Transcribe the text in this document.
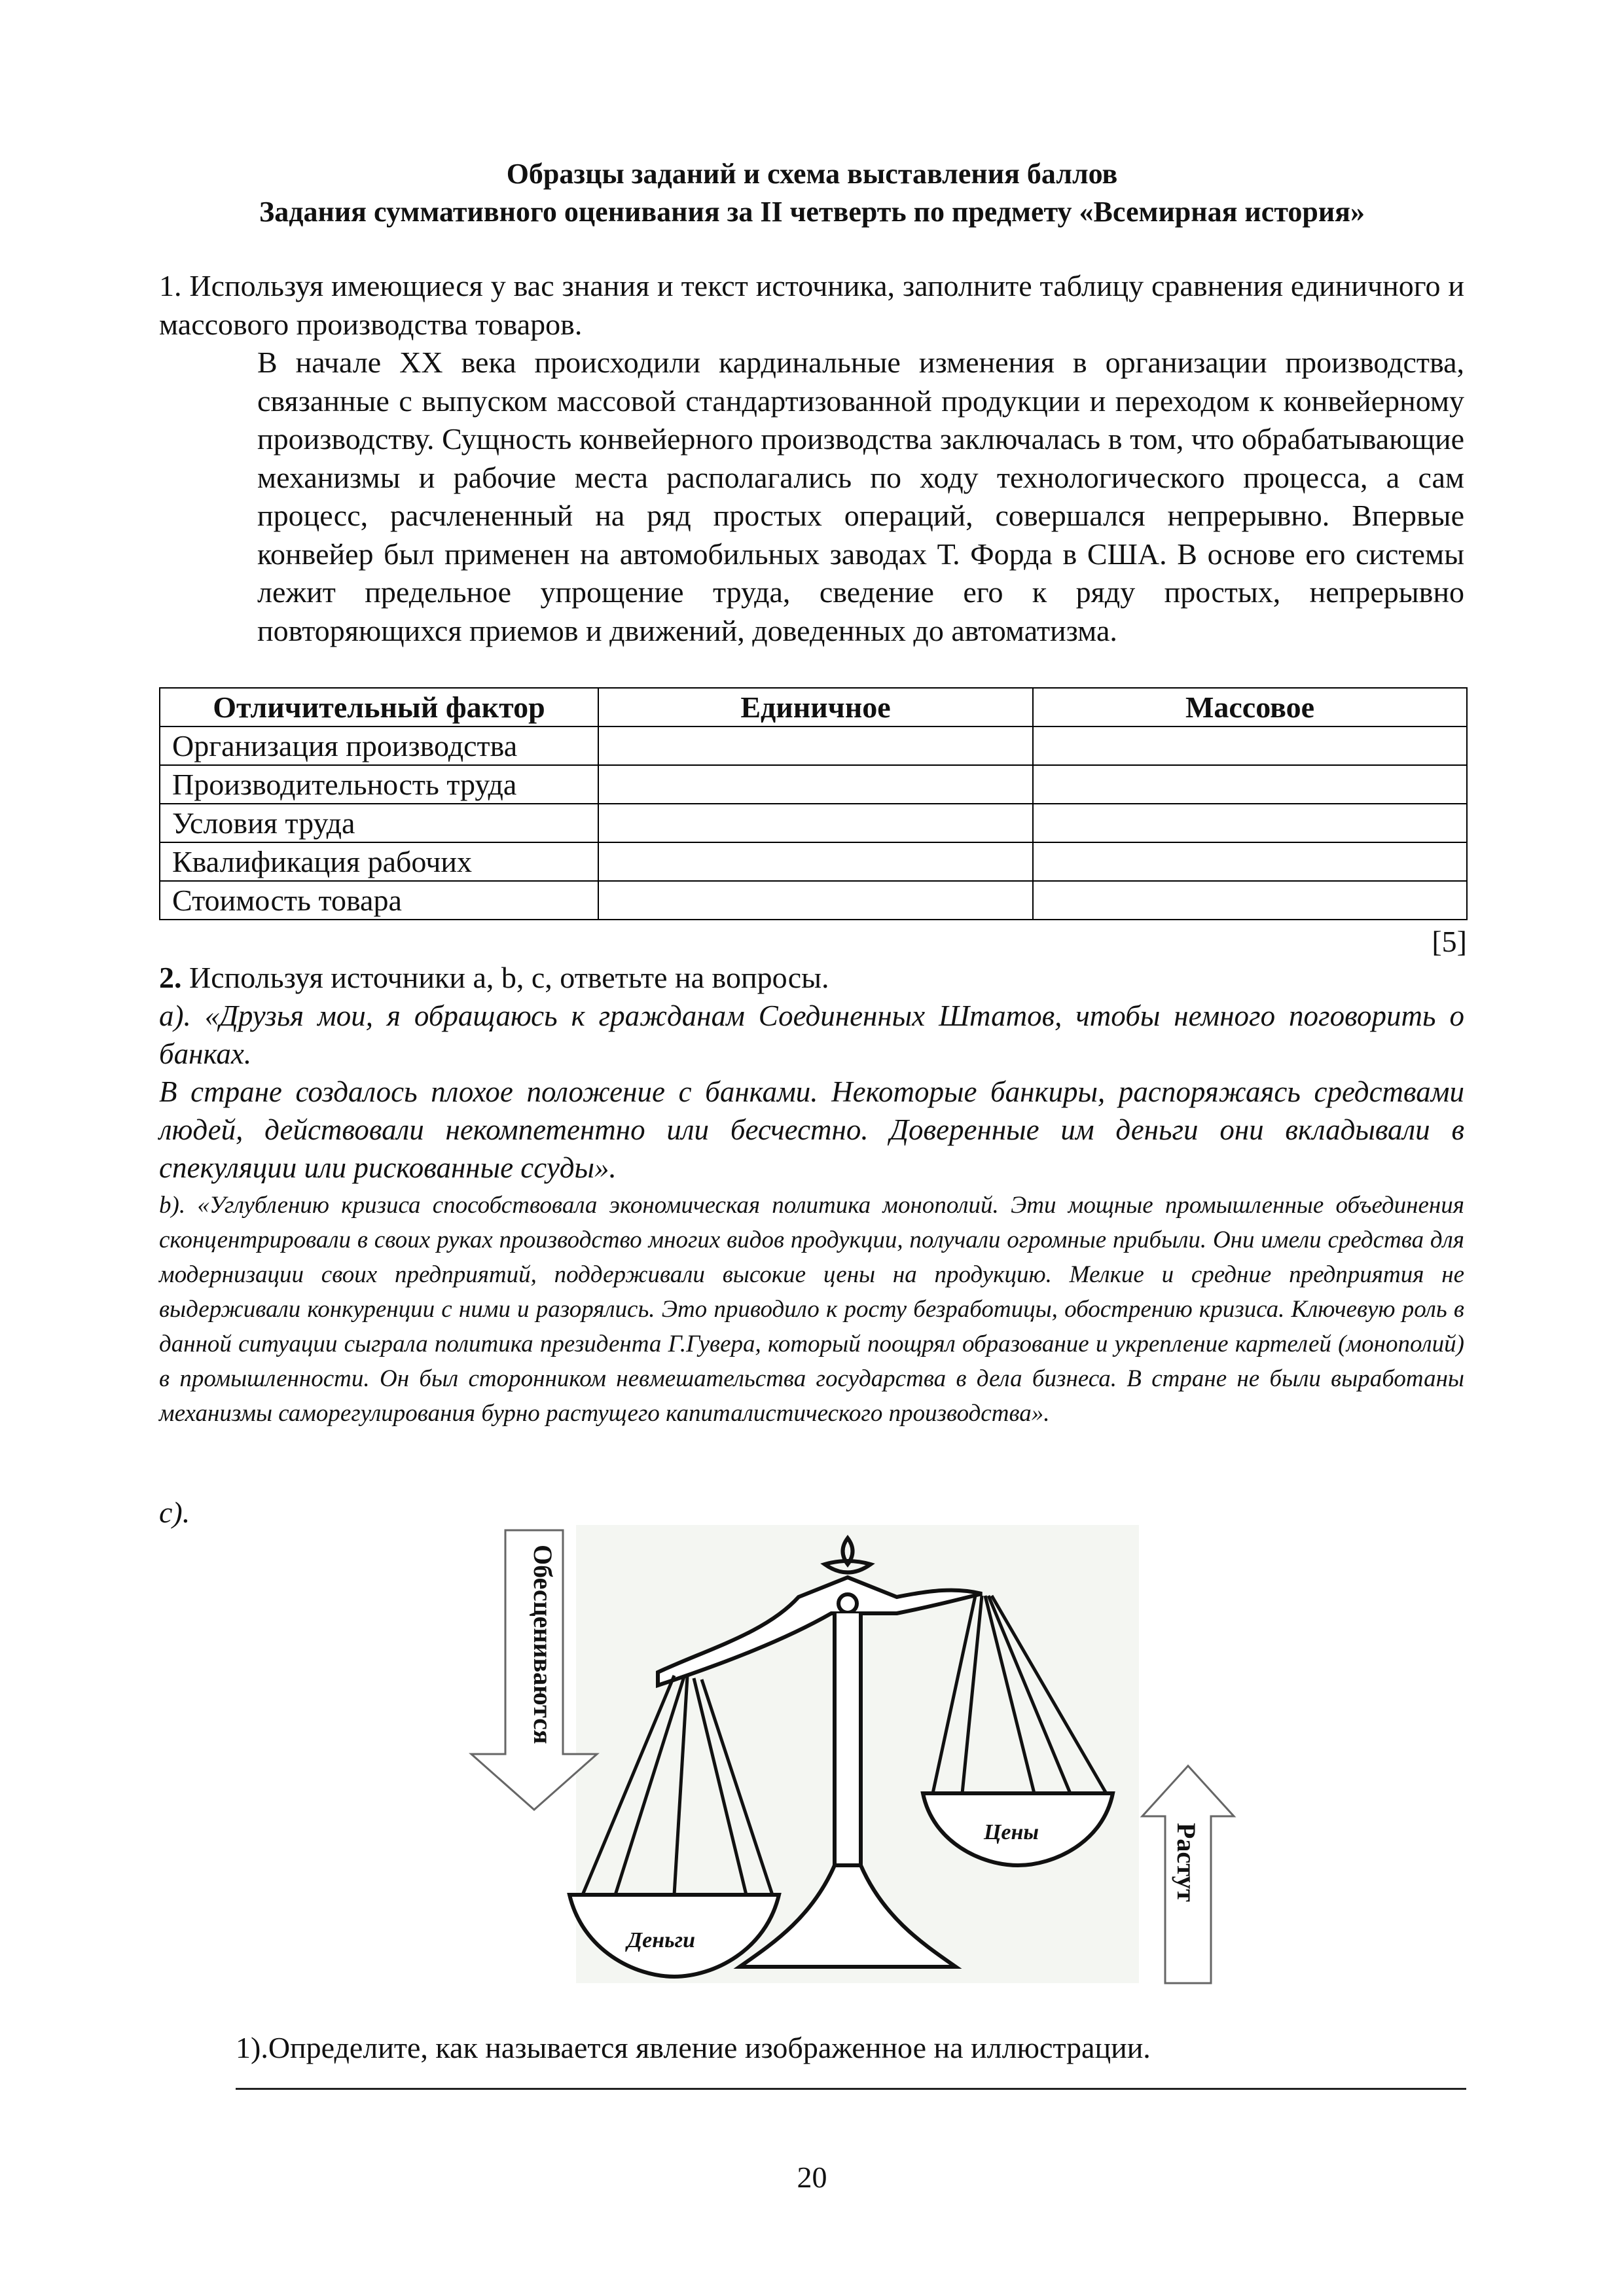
Образцы заданий и схема выставления баллов
Задания суммативного оценивания за II четверть по предмету «Всемирная история»
1. Используя имеющиеся у вас знания и текст источника, заполните таблицу сравнения единичного и массового производства товаров.
В начале XX века происходили кардинальные изменения в организации производства, связанные с выпуском массовой стандартизованной продукции и переходом к конвейерному производству. Сущность конвейерного производства заключалась в том, что обрабатывающие механизмы и рабочие места располагались по ходу технологического процесса, а сам процесс, расчлененный на ряд простых операций, совершался непрерывно. Впервые конвейер был применен на автомобильных заводах Т. Форда в США. В основе его системы лежит предельное упрощение труда, сведение его к ряду простых, непрерывно повторяющихся приемов и движений, доведенных до автоматизма.
Отличительный фактор	Единичное	Массовое
Организация производства		
Производительность труда		
Условия труда		
Квалификация рабочих		
Стоимость товара		
[5]
2. Используя источники a, b, c, ответьте на вопросы.
а). «Друзья мои, я обращаюсь к гражданам Соединенных Штатов, чтобы немного поговорить о банках.
В стране создалось плохое положение с банками. Некоторые банкиры, распоряжаясь средствами людей, действовали некомпетентно или бесчестно. Доверенные им деньги они вкладывали в спекуляции или рискованные ссуды».
b). «Углублению кризиса способствовала экономическая политика монополий. Эти мощные промышленные объединения сконцентрировали в своих руках производство многих видов продукции, получали огромные прибыли. Они имели средства для модернизации своих предприятий, поддерживали высокие цены на продукцию. Мелкие и средние предприятия не выдерживали конкуренции с ними и разорялись. Это приводило к росту безработицы, обострению кризиса. Ключевую роль в данной ситуации сыграла политика президента Г.Гувера, который поощрял образование и укрепление картелей (монополий) в промышленности. Он был сторонником невмешательства государства в дела бизнеса. В стране не были выработаны механизмы саморегулирования бурно растущего капиталистического производства».
c).
Обесцениваются
Растут
Деньги
Цены
1).Определите, как называется явление изображенное на иллюстрации.
20
